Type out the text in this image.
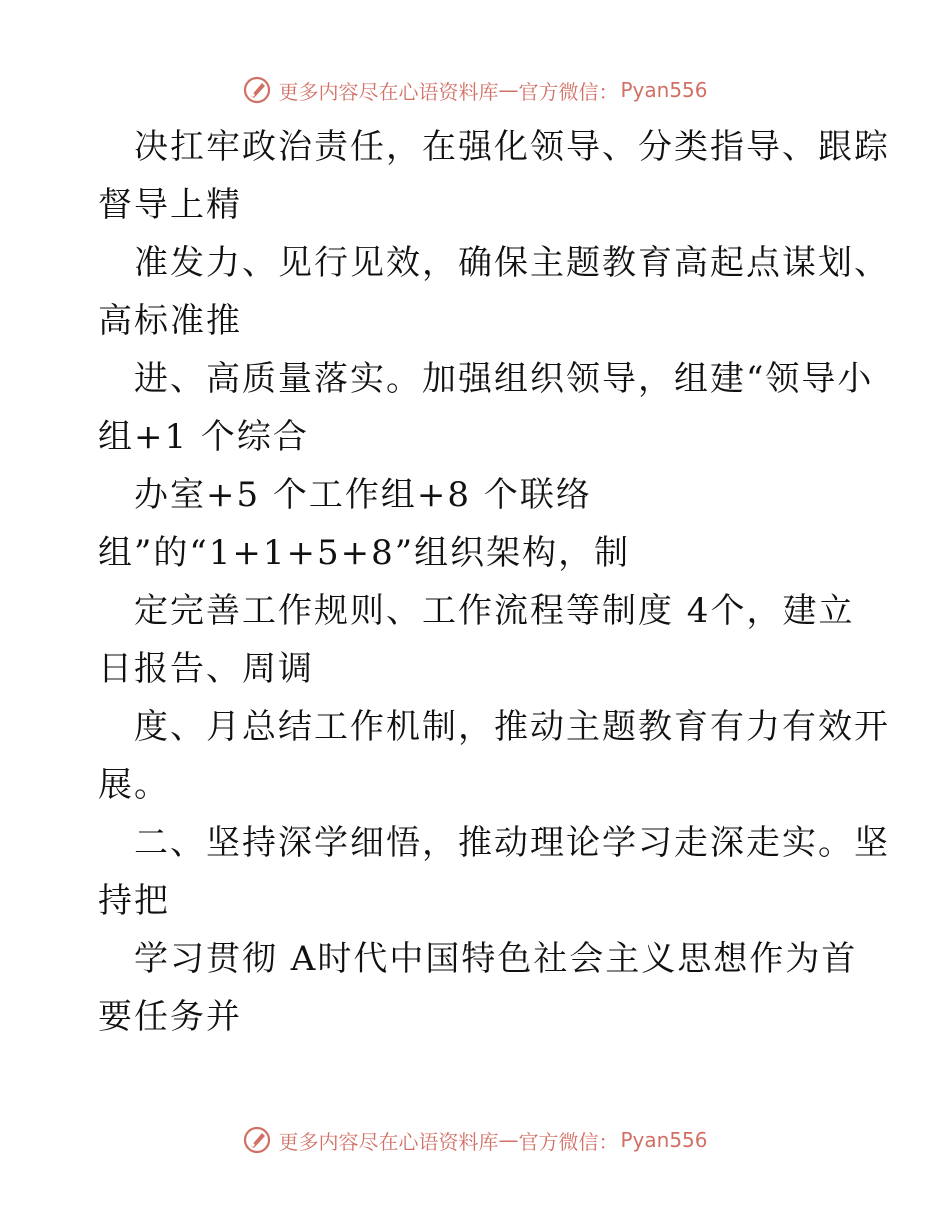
更多内容尽在心语资料库 — 官方微信： Pyan556
决扛牢政治责任，在强化领导、分类指导、跟踪
督导上精
准发力、见行见效，确保主题教育高起点谋划、
高标准推
进、高质量落实。加强组织领导，组建“领导小
组+1 个综合
办室+5 个工作组+8 个联络
组”的“1+1+5+8”组织架构，制
定完善工作规则、工作流程等制度 4个，建立
日报告、周调
度、月总结工作机制，推动主题教育有力有效开
展。
二、坚持深学细悟，推动理论学习走深走实。坚
持把
学习贯彻 A时代中国特色社会主义思想作为首
要任务并
更多内容尽在心语资料库 — 官方微信： Pyan556
